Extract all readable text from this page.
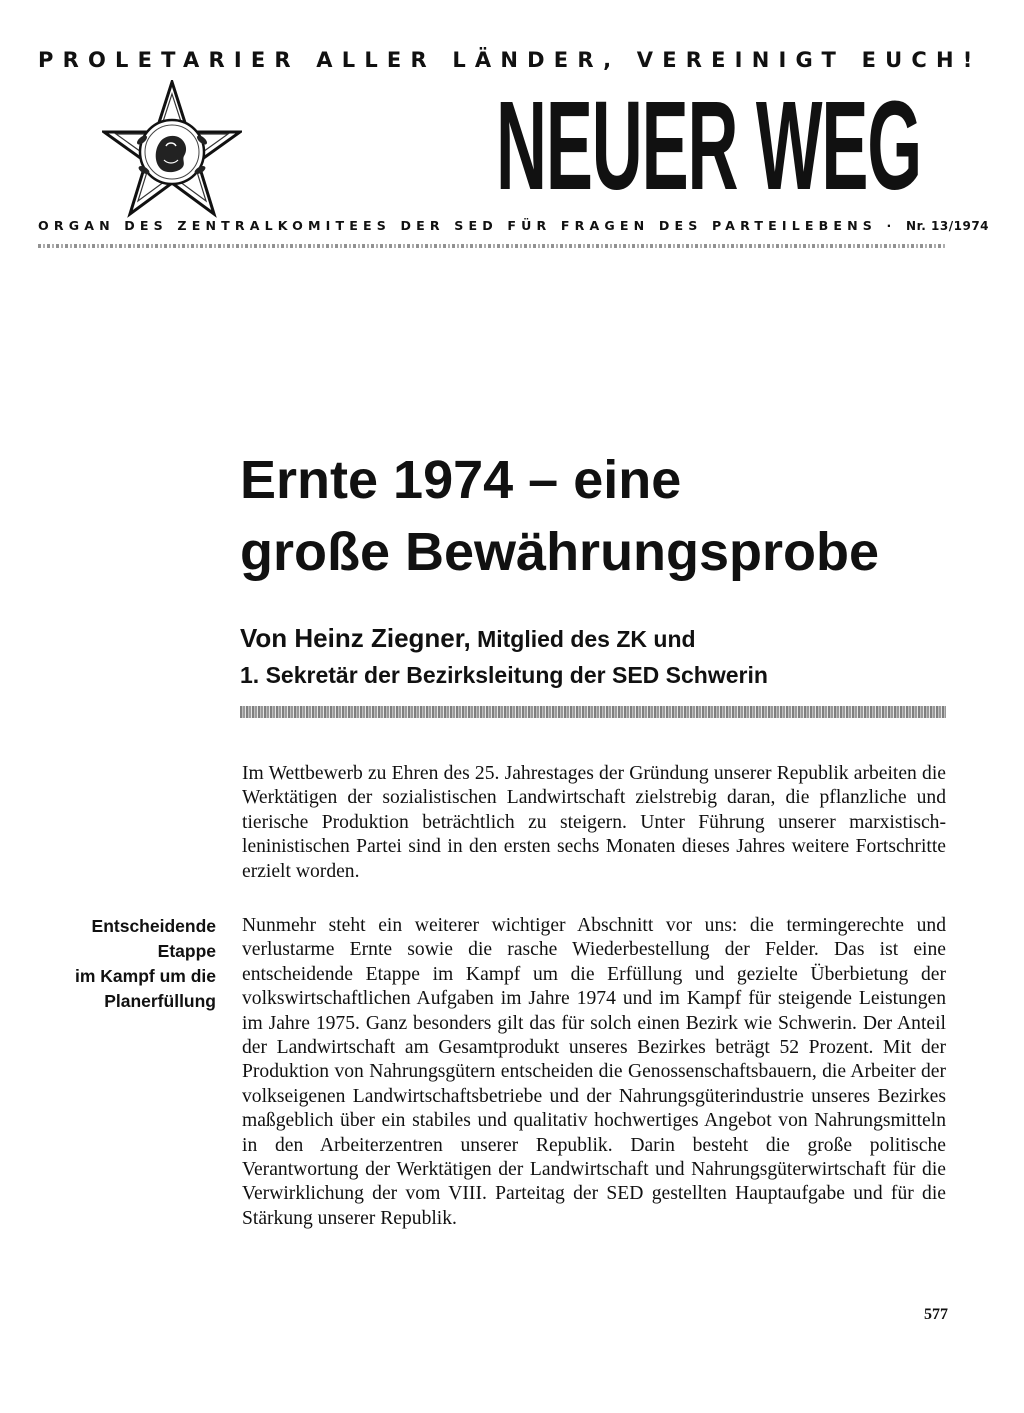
PROLETARIER ALLER LÄNDER, VEREINIGT EUCH!
NEUER WEG
ORGAN DES ZENTRALKOMITEES DER SED FÜR FRAGEN DES PARTEILEBENS · Nr. 13/1974
Ernte 1974 – eine
große Bewährungsprobe
Von Heinz Ziegner, Mitglied des ZK und
1. Sekretär der Bezirksleitung der SED Schwerin
Im Wettbewerb zu Ehren des 25. Jahrestages der Gründung unserer Republik arbeiten die Werktätigen der sozialistischen Landwirtschaft zielstrebig daran, die pflanzliche und tierische Produktion beträchtlich zu steigern. Unter Führung unserer marxistisch-leninistischen Partei sind in den ersten sechs Monaten dieses Jahres weitere Fortschritte erzielt worden.
Entscheidende Etappe
im Kampf um die
Planerfüllung
Nunmehr steht ein weiterer wichtiger Abschnitt vor uns: die termingerechte und verlustarme Ernte sowie die rasche Wiederbestellung der Felder. Das ist eine entscheidende Etappe im Kampf um die Erfüllung und gezielte Überbietung der volkswirtschaftlichen Aufgaben im Jahre 1974 und im Kampf für steigende Leistungen im Jahre 1975. Ganz besonders gilt das für solch einen Bezirk wie Schwerin. Der Anteil der Landwirtschaft am Gesamtprodukt unseres Bezirkes beträgt 52 Prozent. Mit der Produktion von Nahrungsgütern entscheiden die Genossenschaftsbauern, die Arbeiter der volkseigenen Landwirtschaftsbetriebe und der Nahrungsgüterindustrie unseres Bezirkes maßgeblich über ein stabiles und qualitativ hochwertiges Angebot von Nahrungsmitteln in den Arbeiterzentren unserer Republik. Darin besteht die große politische Verantwortung der Werktätigen der Landwirtschaft und Nahrungsgüterwirtschaft für die Verwirklichung der vom VIII. Parteitag der SED gestellten Hauptaufgabe und für die Stärkung unserer Republik.
577
